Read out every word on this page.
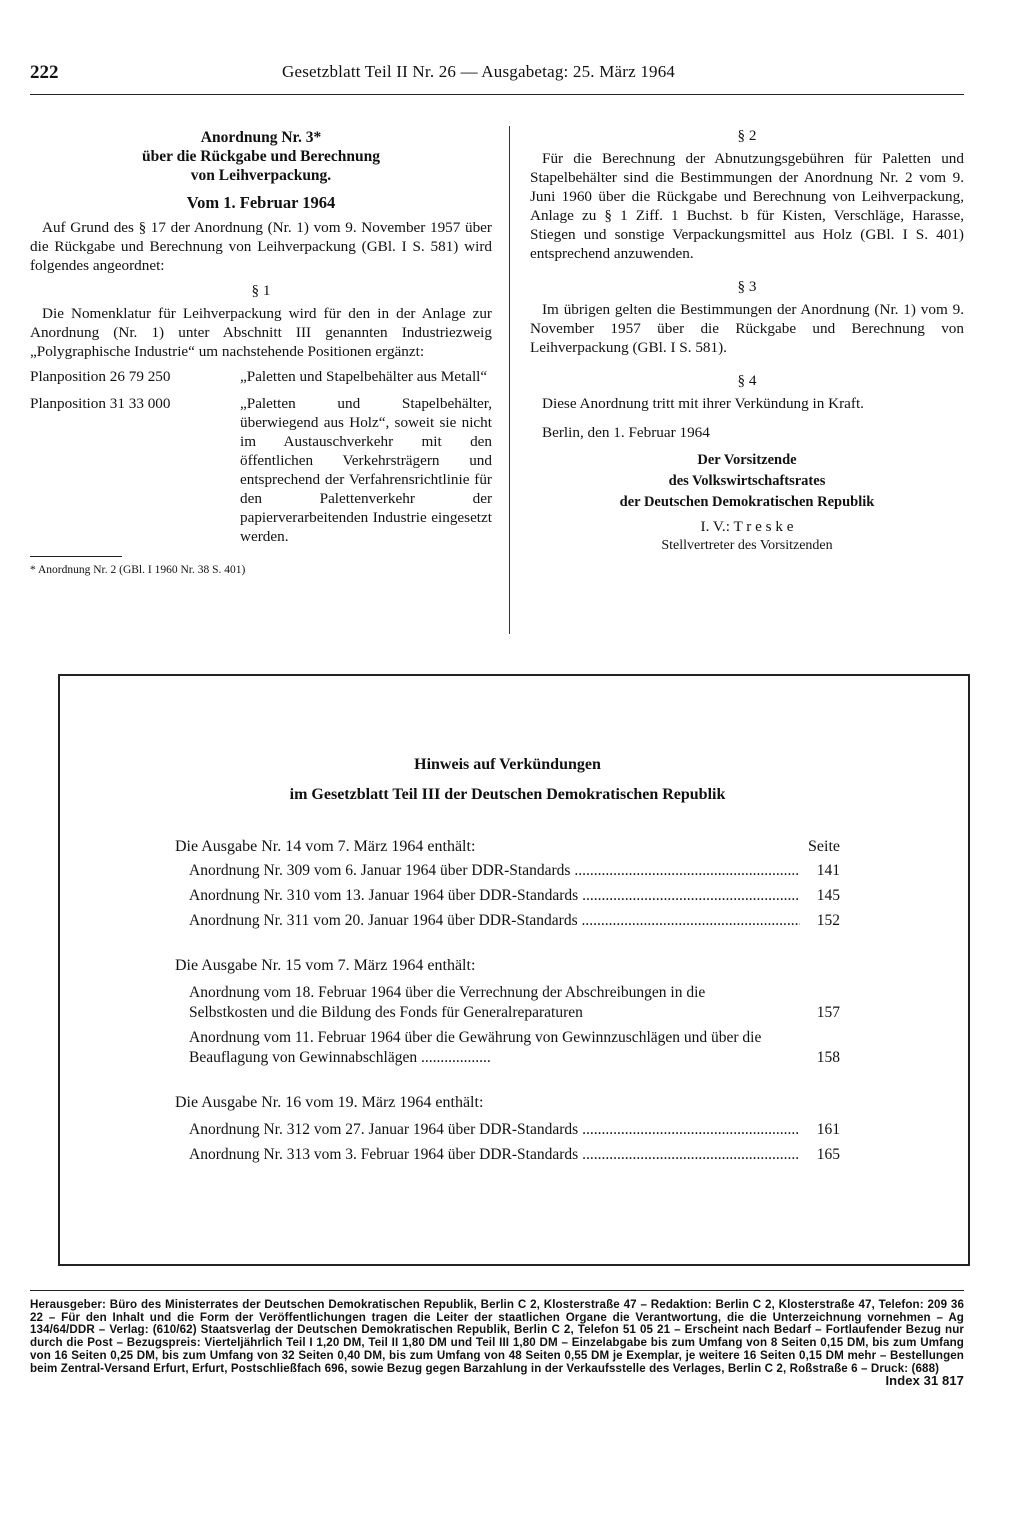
222	Gesetzblatt Teil II Nr. 26 — Ausgabetag: 25. März 1964
Anordnung Nr. 3*
über die Rückgabe und Berechnung
von Leihverpackung.
Vom 1. Februar 1964
Auf Grund des § 17 der Anordnung (Nr. 1) vom 9. November 1957 über die Rückgabe und Berechnung von Leihverpackung (GBl. I S. 581) wird folgendes angeordnet:
§ 1
Die Nomenklatur für Leihverpackung wird für den in der Anlage zur Anordnung (Nr. 1) unter Abschnitt III genannten Industriezweig „Polygraphische Industrie“ um nachstehende Positionen ergänzt:
Planposition 26 79 250	„Paletten und Stapelbehälter aus Metall“
Planposition 31 33 000	„Paletten und Stapelbehälter, überwiegend aus Holz“, soweit sie nicht im Austauschverkehr mit den öffentlichen Verkehrsträgern und entsprechend der Verfahrensrichtlinie für den Palettenverkehr der papierverarbeitenden Industrie eingesetzt werden.
* Anordnung Nr. 2 (GBl. I 1960 Nr. 38 S. 401)
§ 2
Für die Berechnung der Abnutzungsgebühren für Paletten und Stapelbehälter sind die Bestimmungen der Anordnung Nr. 2 vom 9. Juni 1960 über die Rückgabe und Berechnung von Leihverpackung, Anlage zu § 1 Ziff. 1 Buchst. b für Kisten, Verschläge, Harasse, Stiegen und sonstige Verpackungsmittel aus Holz (GBl. I S. 401) entsprechend anzuwenden.
§ 3
Im übrigen gelten die Bestimmungen der Anordnung (Nr. 1) vom 9. November 1957 über die Rückgabe und Berechnung von Leihverpackung (GBl. I S. 581).
§ 4
Diese Anordnung tritt mit ihrer Verkündung in Kraft.
Berlin, den 1. Februar 1964
Der Vorsitzende
des Volkswirtschaftsrates
der Deutschen Demokratischen Republik
I. V.: T r e s k e
Stellvertreter des Vorsitzenden
Hinweis auf Verkündungen
im Gesetzblatt Teil III der Deutschen Demokratischen Republik
Die Ausgabe Nr. 14 vom 7. März 1964 enthält:	Seite
Anordnung Nr. 309 vom 6. Januar 1964 über DDR-Standards .....	141
Anordnung Nr. 310 vom 13. Januar 1964 über DDR-Standards .....	145
Anordnung Nr. 311 vom 20. Januar 1964 über DDR-Standards .....	152
Die Ausgabe Nr. 15 vom 7. März 1964 enthält:
Anordnung vom 18. Februar 1964 über die Verrechnung der Abschreibungen in die Selbstkosten und die Bildung des Fonds für Generalreparaturen	157
Anordnung vom 11. Februar 1964 über die Gewährung von Gewinnzuschlägen und über die Beauflagung von Gewinnabschlägen ..................	158
Die Ausgabe Nr. 16 vom 19. März 1964 enthält:
Anordnung Nr. 312 vom 27. Januar 1964 über DDR-Standards .....	161
Anordnung Nr. 313 vom 3. Februar 1964 über DDR-Standards .....	165
Herausgeber: Büro des Ministerrates der Deutschen Demokratischen Republik, Berlin C 2, Klosterstraße 47 – Redaktion: Berlin C 2, Klosterstraße 47, Telefon: 209 36 22 – Für den Inhalt und die Form der Veröffentlichungen tragen die Leiter der staatlichen Organe die Verantwortung, die die Unterzeichnung vornehmen – Ag 134/64/DDR – Verlag: (610/62) Staatsverlag der Deutschen Demokratischen Republik, Berlin C 2, Telefon 51 05 21 – Erscheint nach Bedarf – Fortlaufender Bezug nur durch die Post – Bezugspreis: Vierteljährlich Teil I 1,20 DM, Teil II 1,80 DM und Teil III 1,80 DM – Einzelabgabe bis zum Umfang von 8 Seiten 0,15 DM, bis zum Umfang von 16 Seiten 0,25 DM, bis zum Umfang von 32 Seiten 0,40 DM, bis zum Umfang von 48 Seiten 0,55 DM je Exemplar, je weitere 16 Seiten 0,15 DM mehr – Bestellungen beim Zentral-Versand Erfurt, Erfurt, Postschließfach 696, sowie Bezug gegen Barzahlung in der Verkaufsstelle des Verlages, Berlin C 2, Roßstraße 6 – Druck: (688)
Index 31 817
